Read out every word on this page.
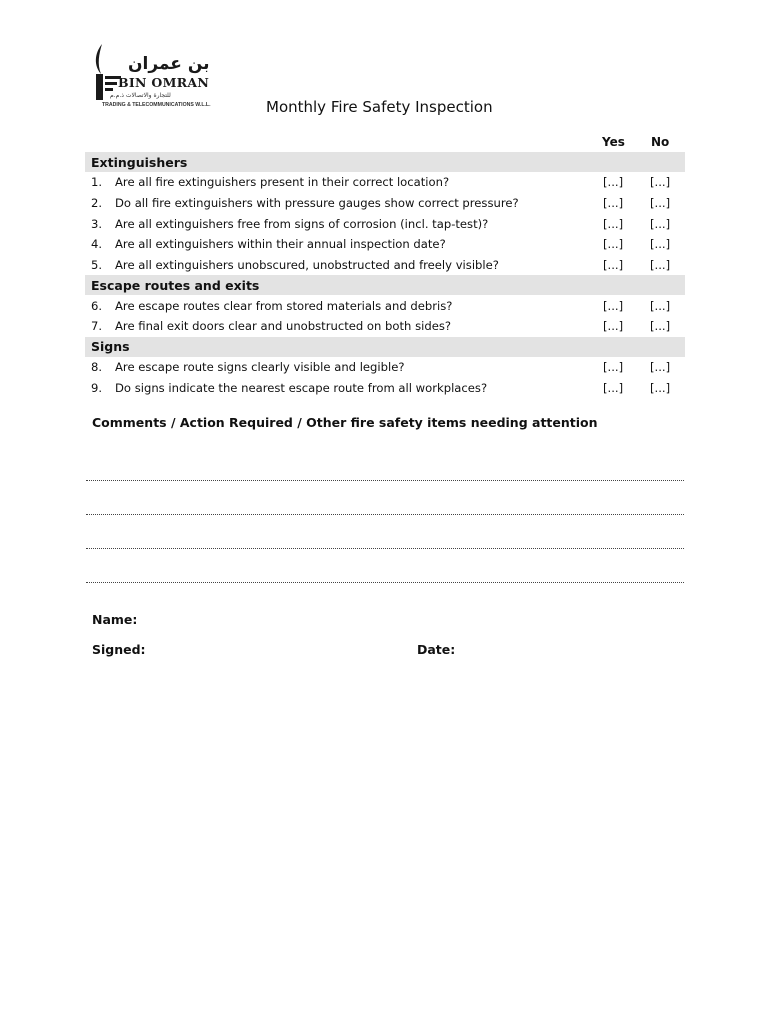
بن عمران
BIN OMRAN
للتجارة والاتصالات ذ.م.م
TRADING & TELECOMMUNICATIONS W.L.L.	Monthly Fire Safety Inspection
Yes No
Extinguishers
1. Are all fire extinguishers present in their correct location?	[...] [...]
2. Do all fire extinguishers with pressure gauges show correct pressure?	[...] [...]
3. Are all extinguishers free from signs of corrosion (incl. tap-test)?	[...] [...]
4. Are all extinguishers within their annual inspection date?	[...] [...]
5. Are all extinguishers unobscured, unobstructed and freely visible?	[...] [...]
Escape routes and exits
6. Are escape routes clear from stored materials and debris?	[...] [...]
7. Are final exit doors clear and unobstructed on both sides?	[...] [...]
Signs
8. Are escape route signs clearly visible and legible?	[...] [...]
9. Do signs indicate the nearest escape route from all workplaces?	[...] [...]
Comments / Action Required / Other fire safety items needing attention
Name:
Signed:	Date:
